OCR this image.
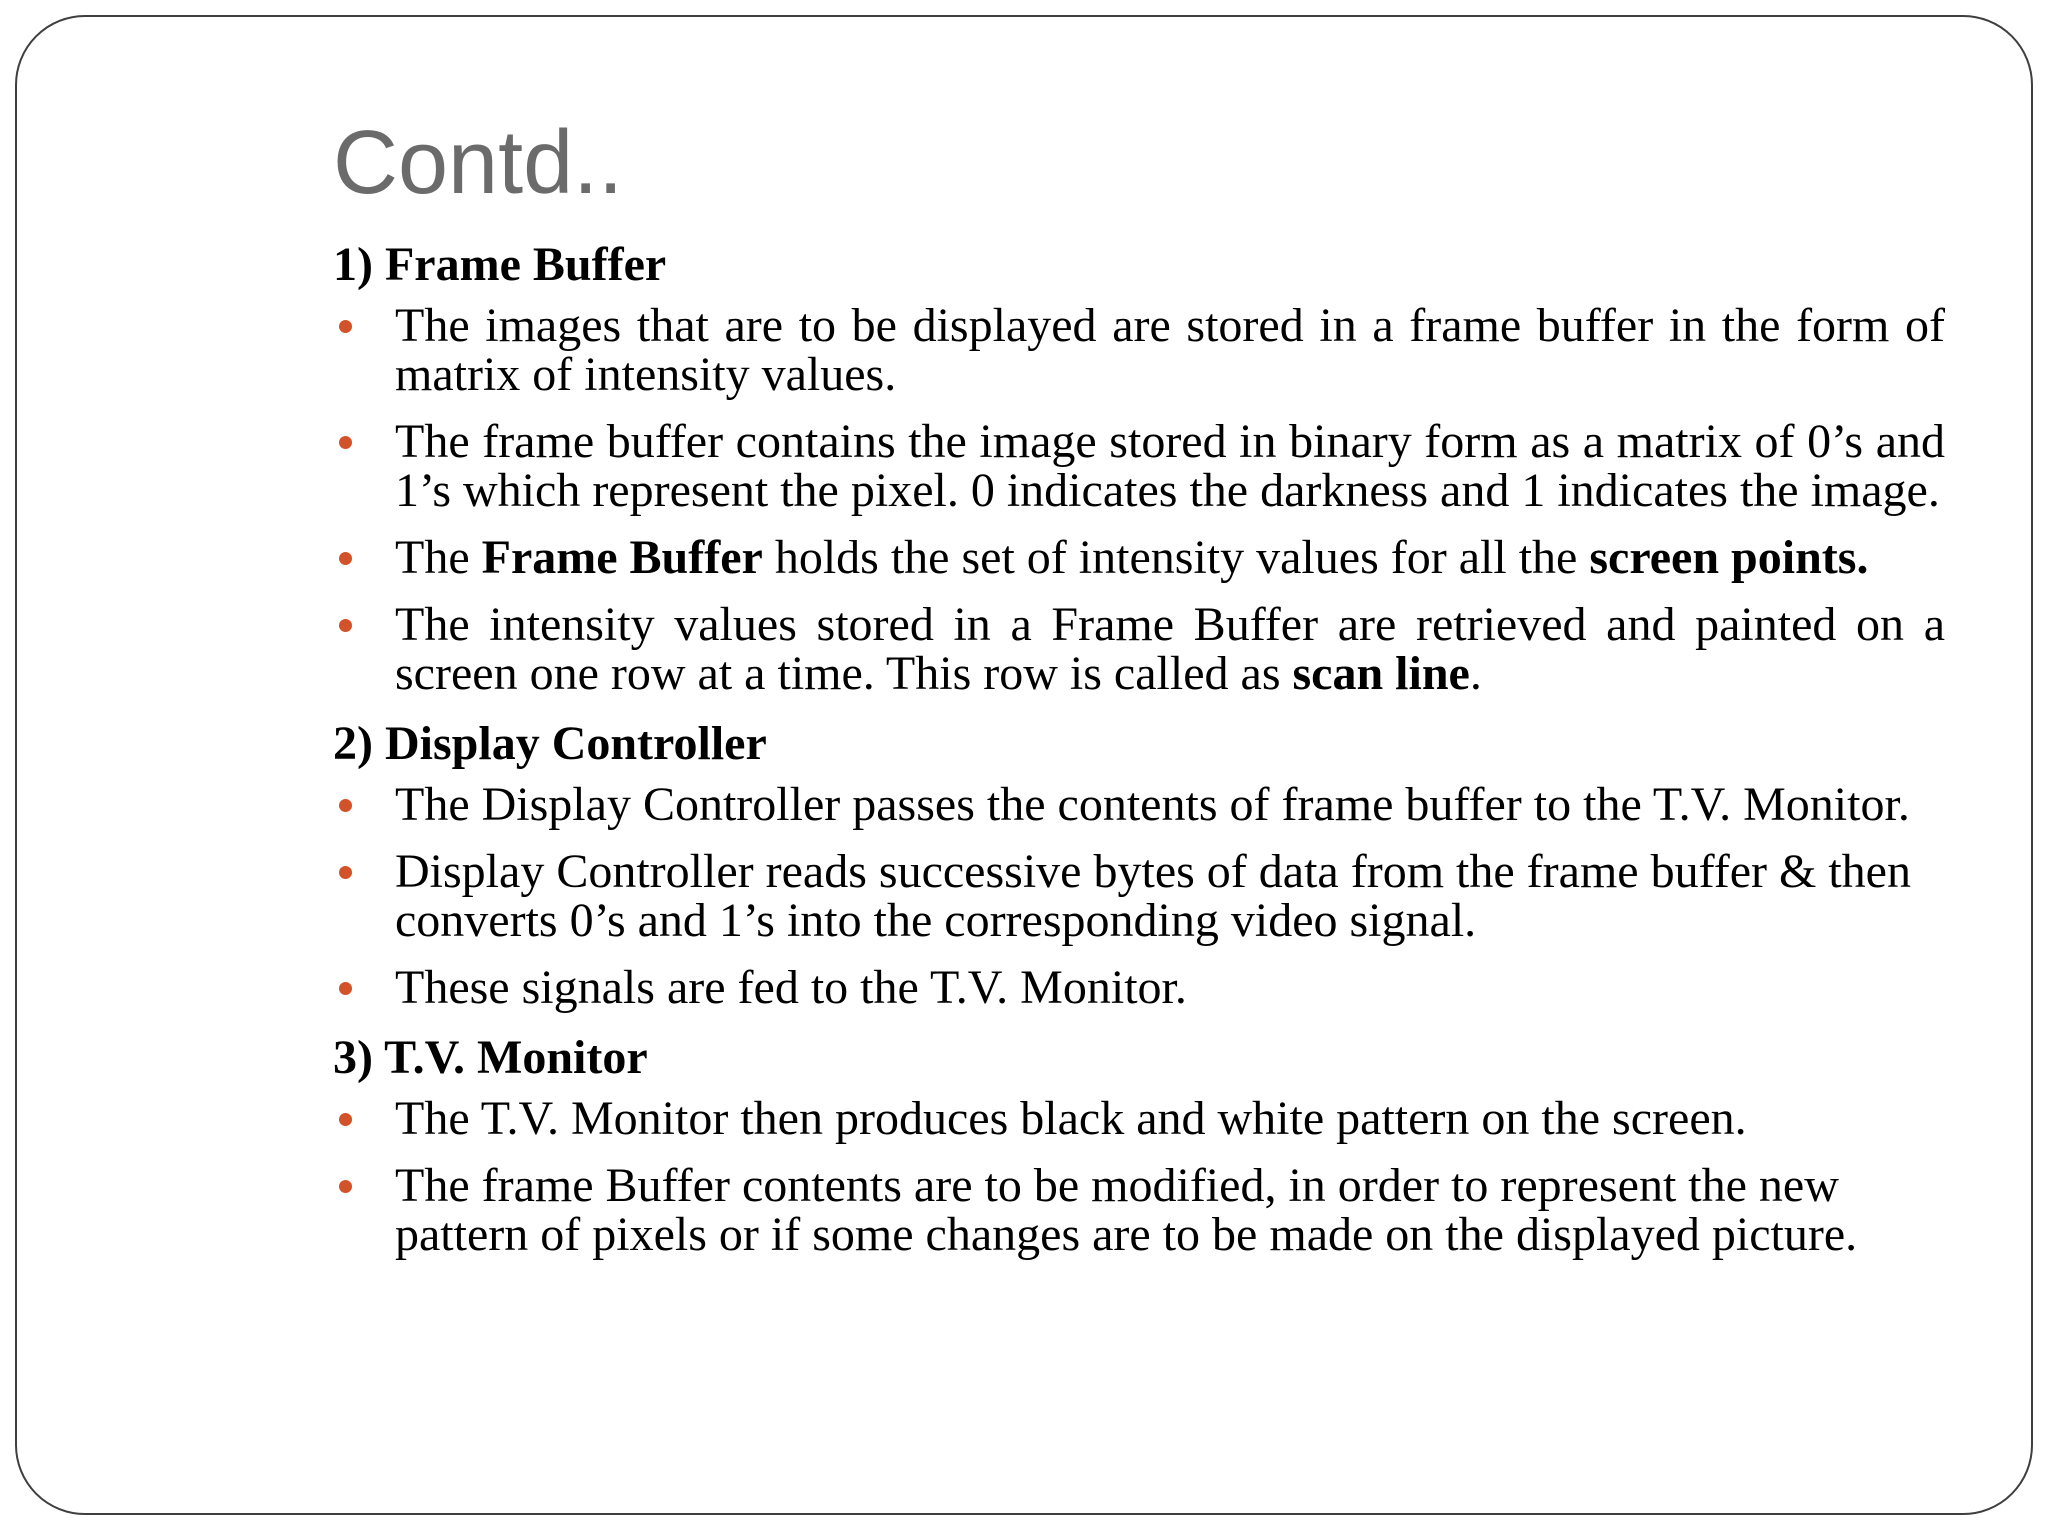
Contd..
1) Frame Buffer
The images that are to be displayed are stored in a frame buffer in the form of matrix of intensity values.
The frame buffer contains the image stored in binary form as a matrix of 0’s and 1’s which represent the pixel. 0 indicates the darkness and 1 indicates the image.
The Frame Buffer holds the set of intensity values for all the screen points.
The intensity values stored in a Frame Buffer are retrieved and painted on a screen one row at a time. This row is called as scan line.
2) Display Controller
The Display Controller passes the contents of frame buffer to the T.V. Monitor.
Display Controller reads successive bytes of data from the frame buffer & then converts 0’s and 1’s into the corresponding video signal.
These signals are fed to the T.V. Monitor.
3) T.V. Monitor
The T.V. Monitor then produces black and white pattern on the screen.
The frame Buffer contents are to be modified, in order to represent the new pattern of pixels or if some changes are to be made on the displayed picture.
